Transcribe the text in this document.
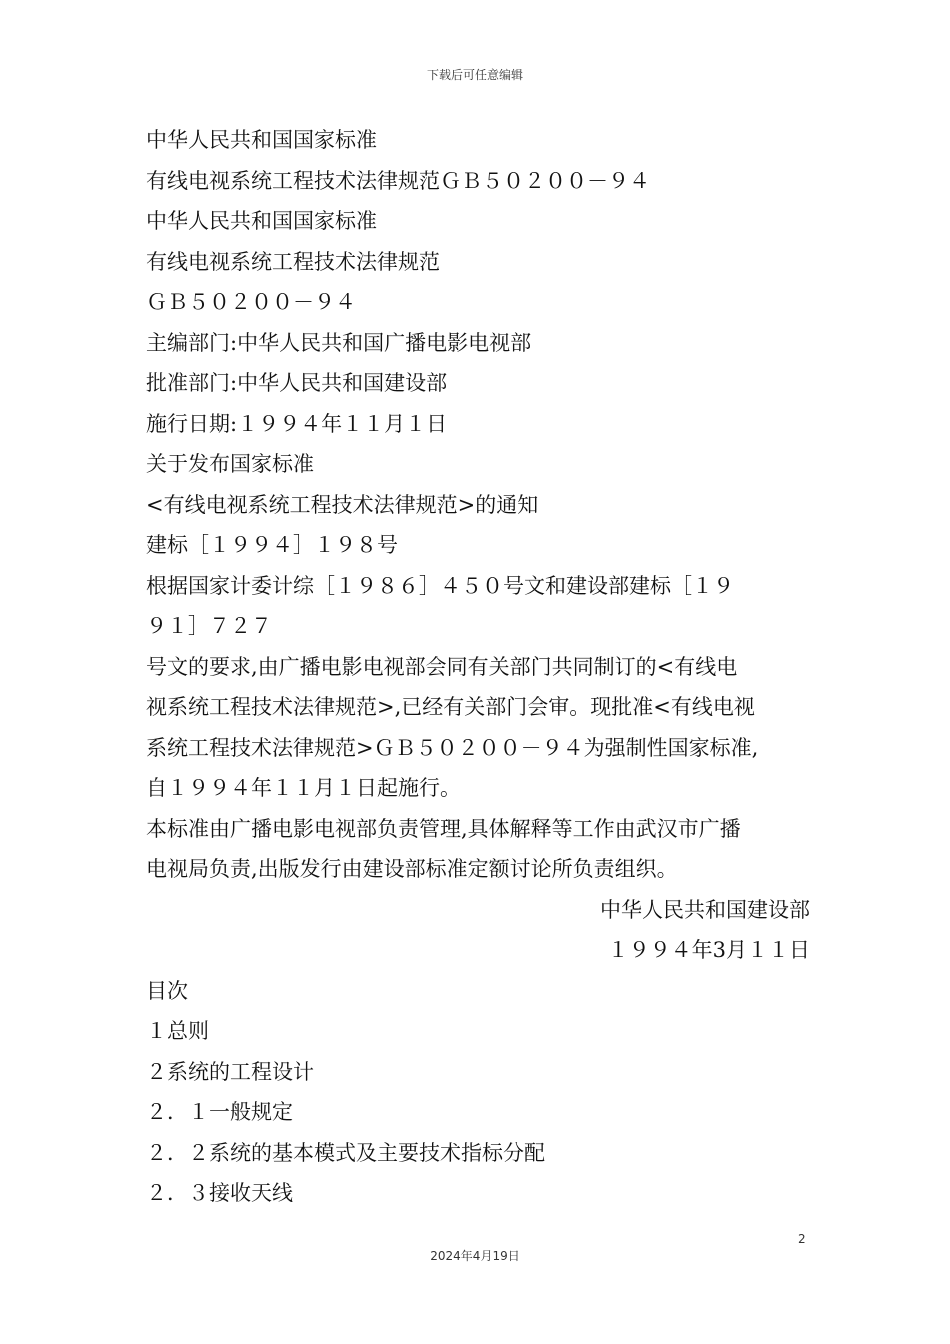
下载后可任意编辑
中华人民共和国国家标准
有线电视系统工程技术法律规范ＧＢ５０２００－９４
中华人民共和国国家标准
有线电视系统工程技术法律规范
ＧＢ５０２００－９４
主编部门:中华人民共和国广播电影电视部
批准部门:中华人民共和国建设部
施行日期:１９９４年１１月１日
关于发布国家标准
<有线电视系统工程技术法律规范>的通知
建标［１９９４］１９８号
根据国家计委计综［１９８６］４５０号文和建设部建标［１９
９１］７２７
号文的要求,由广播电影电视部会同有关部门共同制订的<有线电
视系统工程技术法律规范>,已经有关部门会审。现批准<有线电视
系统工程技术法律规范>ＧＢ５０２００－９４为强制性国家标准,
自１９９４年１１月１日起施行。
本标准由广播电影电视部负责管理,具体解释等工作由武汉市广播
电视局负责,出版发行由建设部标准定额讨论所负责组织。
中华人民共和国建设部
１９９４年3月１１日
目次
１总则
２系统的工程设计
２．１一般规定
２．２系统的基本模式及主要技术指标分配
２．３接收天线
2
2024年4月19日
